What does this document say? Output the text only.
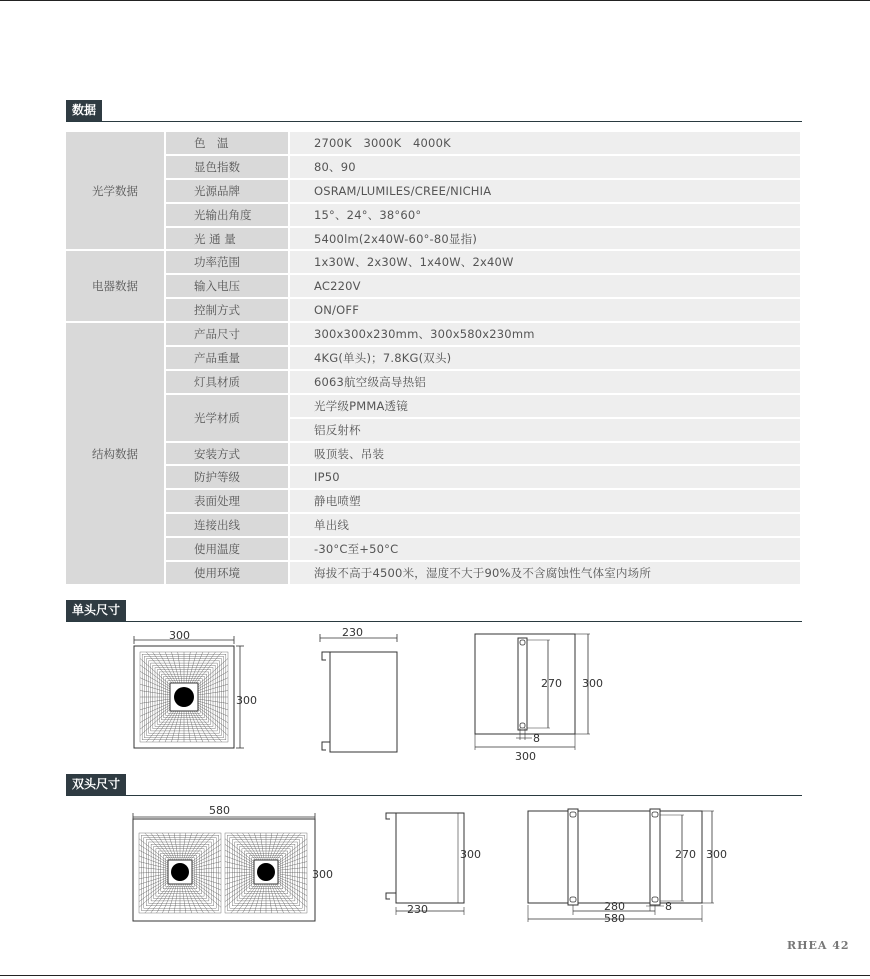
数据
光学数据	色　温	2700K　3000K　4000K
	显色指数	80、90
	光源品牌	OSRAM/LUMILES/CREE/NICHIA
	光输出角度	15°、24°、38°60°
	光 通 量	5400lm(2x40W-60°-80显指)
电器数据	功率范围	1x30W、2x30W、1x40W、2x40W
	输入电压	AC220V
	控制方式	ON/OFF
结构数据	产品尺寸	300x300x230mm、300x580x230mm
	产品重量	4KG(单头)；7.8KG(双头)
	灯具材质	6063航空级高导热铝
	光学材质	光学级PMMA透镜
		铝反射杯
	安装方式	吸顶装、吊装
	防护等级	IP50
	表面处理	静电喷塑
	连接出线	单出线
	使用温度	-30°C至+50°C
	使用环境	海拔不高于4500米，湿度不大于90%及不含腐蚀性气体室内场所
单头尺寸
300
300
230
270 300
8
300
双头尺寸
580
300
300
230
270 300
280	8
580
RHEA 42
